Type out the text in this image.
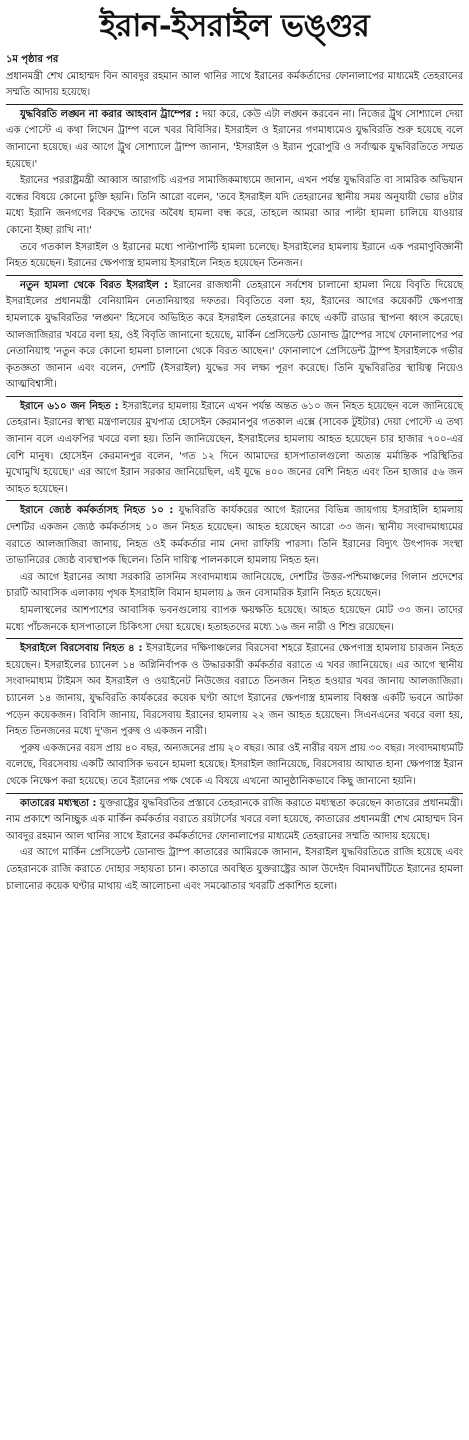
ইরান-ইসরাইল ভঙ্গুর

১ম পৃষ্ঠার পর

প্রধানমন্ত্রী শেখ মোহাম্মদ বিন আবদুর রহমান আল থানির সাথে ইরানের কর্মকর্তাদের ফোনালাপের মাধ্যমেই তেহরানের সম্মতি আদায় হয়েছে।

যুদ্ধবিরতি লঙ্ঘন না করার আহবান ট্রাম্পের : দয়া করে, কেউ এটা লঙ্ঘন করবেন না। নিজের ট্রুথ সোশ্যালে দেয়া এক পোস্টে এ কথা লিখেন ট্রাম্প বলে খবর বিবিসির। ইসরাইল ও ইরানের গণমাধ্যমেও যুদ্ধবিরতি শুরু হয়েছে বলে জানানো হয়েছে। এর আগে ট্রুথ সোশ্যালে ট্রাম্প জানান, 'ইসরাইল ও ইরান পুরোপুরি ও সর্বাত্মক যুদ্ধবিরতিতে সম্মত হয়েছে।'

ইরানের পররাষ্ট্রমন্ত্রী আব্বাস আরাগচি এরপর সামাজিকমাধ্যমে জানান, এখন পর্যন্ত যুদ্ধবিরতি বা সামরিক অভিযান বন্ধের বিষয়ে কোনো চুক্তি হয়নি। তিনি আরো বলেন, 'তবে ইসরাইল যদি তেহরানের স্থানীয় সময় অনুযায়ী ভোর ৪টার মধ্যে ইরানি জনগণের বিরুদ্ধে তাদের অবৈধ হামলা বন্ধ করে, তাহলে আমরা আর পাল্টা হামলা চালিয়ে যাওয়ার কোনো ইচ্ছা রাখি না।'

তবে গতকাল ইসরাইল ও ইরানের মধ্যে পাল্টাপাল্টি হামলা চলেছে। ইসরাইলের হামলায় ইরানে এক পরমাণুবিজ্ঞানী নিহত হয়েছেন। ইরানের ক্ষেপণাস্ত্র হামলায় ইসরাইলে নিহত হয়েছেন তিনজন।

নতুন হামলা থেকে বিরত ইসরাইল : ইরানের রাজধানী তেহরানে সর্বশেষ চালানো হামলা নিয়ে বিবৃতি দিয়েছে ইসরাইলের প্রধানমন্ত্রী বেনিয়ামিন নেতানিয়াহুর দফতর। বিবৃতিতে বলা হয়, ইরানের আগের কয়েকটি ক্ষেপণাস্ত্র হামলাকে যুদ্ধবিরতির 'লঙ্ঘন' হিসেবে অভিহিত করে ইসরাইল তেহরানের কাছে একটি রাডার স্থাপনা ধ্বংস করেছে। আলজাজিরার খবরে বলা হয়, ওই বিবৃতি জানানো হয়েছে, মার্কিন প্রেসিডেন্ট ডোনাল্ড ট্রাম্পের সাথে ফোনালাপের পর নেতানিয়াহু 'নতুন করে কোনো হামলা চালানো থেকে বিরত আছেন।' ফোনালাপে প্রেসিডেন্ট ট্রাম্প ইসরাইলকে গভীর কৃতজ্ঞতা জানান এবং বলেন, দেশটি (ইসরাইল) যুদ্ধের সব লক্ষ্য পূরণ করেছে। তিনি যুদ্ধবিরতির স্থায়িত্ব নিয়েও আত্মবিশ্বাসী।

ইরানে ৬১০ জন নিহত : ইসরাইলের হামলায় ইরানে এখন পর্যন্ত অন্তত ৬১০ জন নিহত হয়েছেন বলে জানিয়েছে তেহরান। ইরানের স্বাস্থ্য মন্ত্রণালয়ের মুখপাত্র হোসেইন কেরমানপুর গতকাল এক্সে (সাবেক টুইটার) দেয়া পোস্টে এ তথ্য জানান বলে এএফপির খবরে বলা হয়। তিনি জানিয়েছেন, ইসরাইলের হামলায় আহত হয়েছেন চার হাজার ৭০০-এর বেশি মানুষ। হোসেইন কেরমানপুর বলেন, 'গত ১২ দিনে আমাদের হাসপাতালগুলো অত্যন্ত মর্মান্তিক পরিস্থিতির মুখোমুখি হয়েছে।' এর আগে ইরান সরকার জানিয়েছিল, এই যুদ্ধে ৪০০ জনের বেশি নিহত এবং তিন হাজার ৫৬ জন আহত হয়েছেন।

ইরানে জ্যেষ্ঠ কর্মকর্তাসহ নিহত ১০ : যুদ্ধবিরতি কার্যকরের আগে ইরানের বিভিন্ন জায়গায় ইসরাইলি হামলায় দেশটির একজন জ্যেষ্ঠ কর্মকর্তাসহ ১০ জন নিহত হয়েছেন। আহত হয়েছেন আরো ৩৩ জন। স্থানীয় সংবাদমাধ্যমের বরাতে আলজাজিরা জানায়, নিহত ওই কর্মকর্তার নাম নেদা রাফিয়ি পারসা। তিনি ইরানের বিদ্যুৎ উৎপাদক সংস্থা তাভানিরের জ্যেষ্ঠ ব্যবস্থাপক ছিলেন। তিনি দায়িত্ব পালনকালে হামলায় নিহত হন।

এর আগে ইরানের আধা সরকারি তাসনিম সংবাদমাধ্যম জানিয়েছে, দেশটির উত্তর-পশ্চিমাঞ্চলের গিলান প্রদেশের চারটি আবাসিক এলাকায় পৃথক ইসরাইলি বিমান হামলায় ৯ জন বেসামরিক ইরানি নিহত হয়েছেন।

হামলাস্থলের আশপাশের আবাসিক ভবনগুলোয় ব্যাপক ক্ষয়ক্ষতি হয়েছে। আহত হয়েছেন মোট ৩৩ জন। তাদের মধ্যে পাঁচজনকে হাসপাতালে চিকিৎসা দেয়া হয়েছে। হতাহতদের মধ্যে ১৬ জন নারী ও শিশু রয়েছেন।

ইসরাইলে বিরসেবায় নিহত ৪ : ইসরাইলের দক্ষিণাঞ্চলের বিরসেবা শহরে ইরানের ক্ষেপণাস্ত্র হামলায় চারজন নিহত হয়েছেন। ইসরাইলের চ্যানেল ১৪ অগ্নিনির্বাপক ও উদ্ধারকারী কর্মকর্তার বরাতে এ খবর জানিয়েছে। এর আগে স্থানীয় সংবাদমাধ্যম টাইমস অব ইসরাইল ও ওয়াইনেট নিউজের বরাতে তিনজন নিহত হওয়ার খবর জানায় আলজাজিরা। চ্যানেল ১৪ জানায়, যুদ্ধবিরতি কার্যকরের কয়েক ঘণ্টা আগে ইরানের ক্ষেপণাস্ত্র হামলায় বিধ্বস্ত একটি ভবনে আটকা পড়েন কয়েকজন। বিবিসি জানায়, বিরসেবায় ইরানের হামলায় ২২ জন আহত হয়েছেন। সিএনএনের খবরে বলা হয়, নিহত তিনজনের মধ্যে দু'জন পুরুষ ও একজন নারী।

পুরুষ একজনের বয়স প্রায় ৪০ বছর, অন্যজনের প্রায় ২০ বছর। আর ওই নারীর বয়স প্রায় ৩০ বছর। সংবাদমাধ্যমটি বলেছে, বিরসেবায় একটি আবাসিক ভবনে হামলা হয়েছে। ইসরাইল জানিয়েছে, বিরসেবায় আঘাত হানা ক্ষেপণাস্ত্র ইরান থেকে নিক্ষেপ করা হয়েছে। তবে ইরানের পক্ষ থেকে এ বিষয়ে এখনো আনুষ্ঠানিকভাবে কিছু জানানো হয়নি।

কাতারের মধ্যস্থতা : যুক্তরাষ্ট্রের যুদ্ধবিরতির প্রস্তাবে তেহরানকে রাজি করাতে মধ্যস্থতা করেছেন কাতারের প্রধানমন্ত্রী। নাম প্রকাশে অনিচ্ছুক এক মার্কিন কর্মকর্তার বরাতে রয়টার্সের খবরে বলা হয়েছে, কাতারের প্রধানমন্ত্রী শেখ মোহাম্মদ বিন আবদুর রহমান আল থানির সাথে ইরানের কর্মকর্তাদের ফোনালাপের মাধ্যমেই তেহরানের সম্মতি আদায় হয়েছে।

এর আগে মার্কিন প্রেসিডেন্ট ডোনাল্ড ট্রাম্প কাতারের আমিরকে জানান, ইসরাইল যুদ্ধবিরতিতে রাজি হয়েছে এবং তেহরানকে রাজি করাতে দোহার সহায়তা চান। কাতারে অবস্থিত যুক্তরাষ্ট্রের আল উদেইদ বিমানঘাঁটিতে ইরানের হামলা চালানোর কয়েক ঘণ্টার মাথায় এই আলোচনা এবং সমঝোতার খবরটি প্রকাশিত হলো।
